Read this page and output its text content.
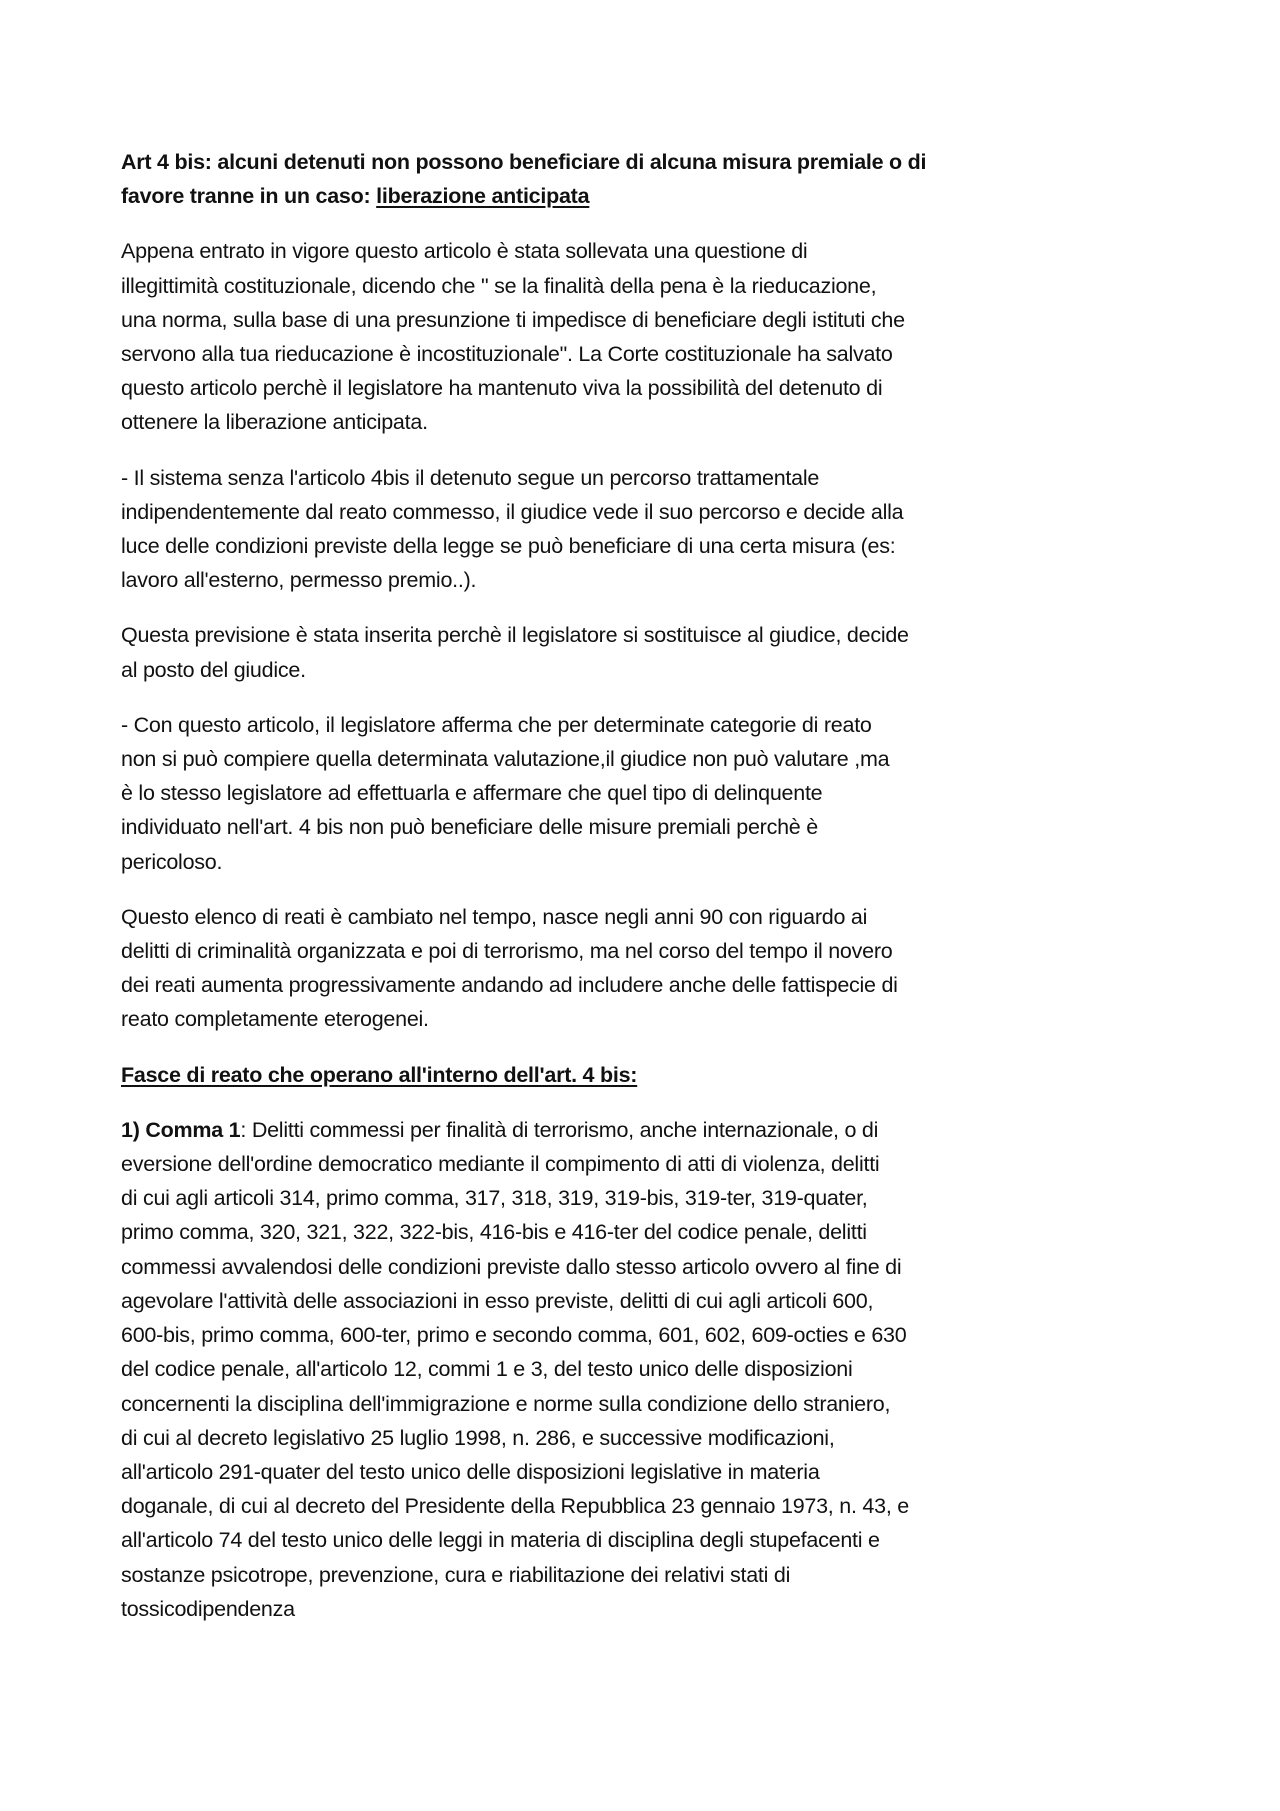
Art 4 bis: alcuni detenuti non possono beneficiare di alcuna misura premiale o di
favore tranne in un caso: liberazione anticipata
Appena entrato in vigore questo articolo è stata sollevata una questione di
illegittimità costituzionale, dicendo che " se la finalità della pena è la rieducazione,
una norma, sulla base di una presunzione ti impedisce di beneficiare degli istituti che
servono alla tua rieducazione è incostituzionale". La Corte costituzionale ha salvato
questo articolo perchè il legislatore ha mantenuto viva la possibilità del detenuto di
ottenere la liberazione anticipata.
- Il sistema senza l'articolo 4bis il detenuto segue un percorso trattamentale
indipendentemente dal reato commesso, il giudice vede il suo percorso e decide alla
luce delle condizioni previste della legge se può beneficiare di una certa misura (es:
lavoro all'esterno, permesso premio..).
Questa previsione è stata inserita perchè il legislatore si sostituisce al giudice, decide
al posto del giudice.
- Con questo articolo, il legislatore afferma che per determinate categorie di reato
non si può compiere quella determinata valutazione,il giudice non può valutare ,ma
è lo stesso legislatore ad effettuarla e affermare che quel tipo di delinquente
individuato nell'art. 4 bis non può beneficiare delle misure premiali perchè è
pericoloso.
Questo elenco di reati è cambiato nel tempo, nasce negli anni 90 con riguardo ai
delitti di criminalità organizzata e poi di terrorismo, ma nel corso del tempo il novero
dei reati aumenta progressivamente andando ad includere anche delle fattispecie di
reato completamente eterogenei.
Fasce di reato che operano all'interno dell'art. 4 bis:
1) Comma 1: Delitti commessi per finalità di terrorismo, anche internazionale, o di
eversione dell'ordine democratico mediante il compimento di atti di violenza, delitti
di cui agli articoli 314, primo comma, 317, 318, 319, 319-bis, 319-ter, 319-quater,
primo comma, 320, 321, 322, 322-bis, 416-bis e 416-ter del codice penale, delitti
commessi avvalendosi delle condizioni previste dallo stesso articolo ovvero al fine di
agevolare l'attività delle associazioni in esso previste, delitti di cui agli articoli 600,
600-bis, primo comma, 600-ter, primo e secondo comma, 601, 602, 609-octies e 630
del codice penale, all'articolo 12, commi 1 e 3, del testo unico delle disposizioni
concernenti la disciplina dell'immigrazione e norme sulla condizione dello straniero,
di cui al decreto legislativo 25 luglio 1998, n. 286, e successive modificazioni,
all'articolo 291-quater del testo unico delle disposizioni legislative in materia
doganale, di cui al decreto del Presidente della Repubblica 23 gennaio 1973, n. 43, e
all'articolo 74 del testo unico delle leggi in materia di disciplina degli stupefacenti e
sostanze psicotrope, prevenzione, cura e riabilitazione dei relativi stati di
tossicodipendenza
